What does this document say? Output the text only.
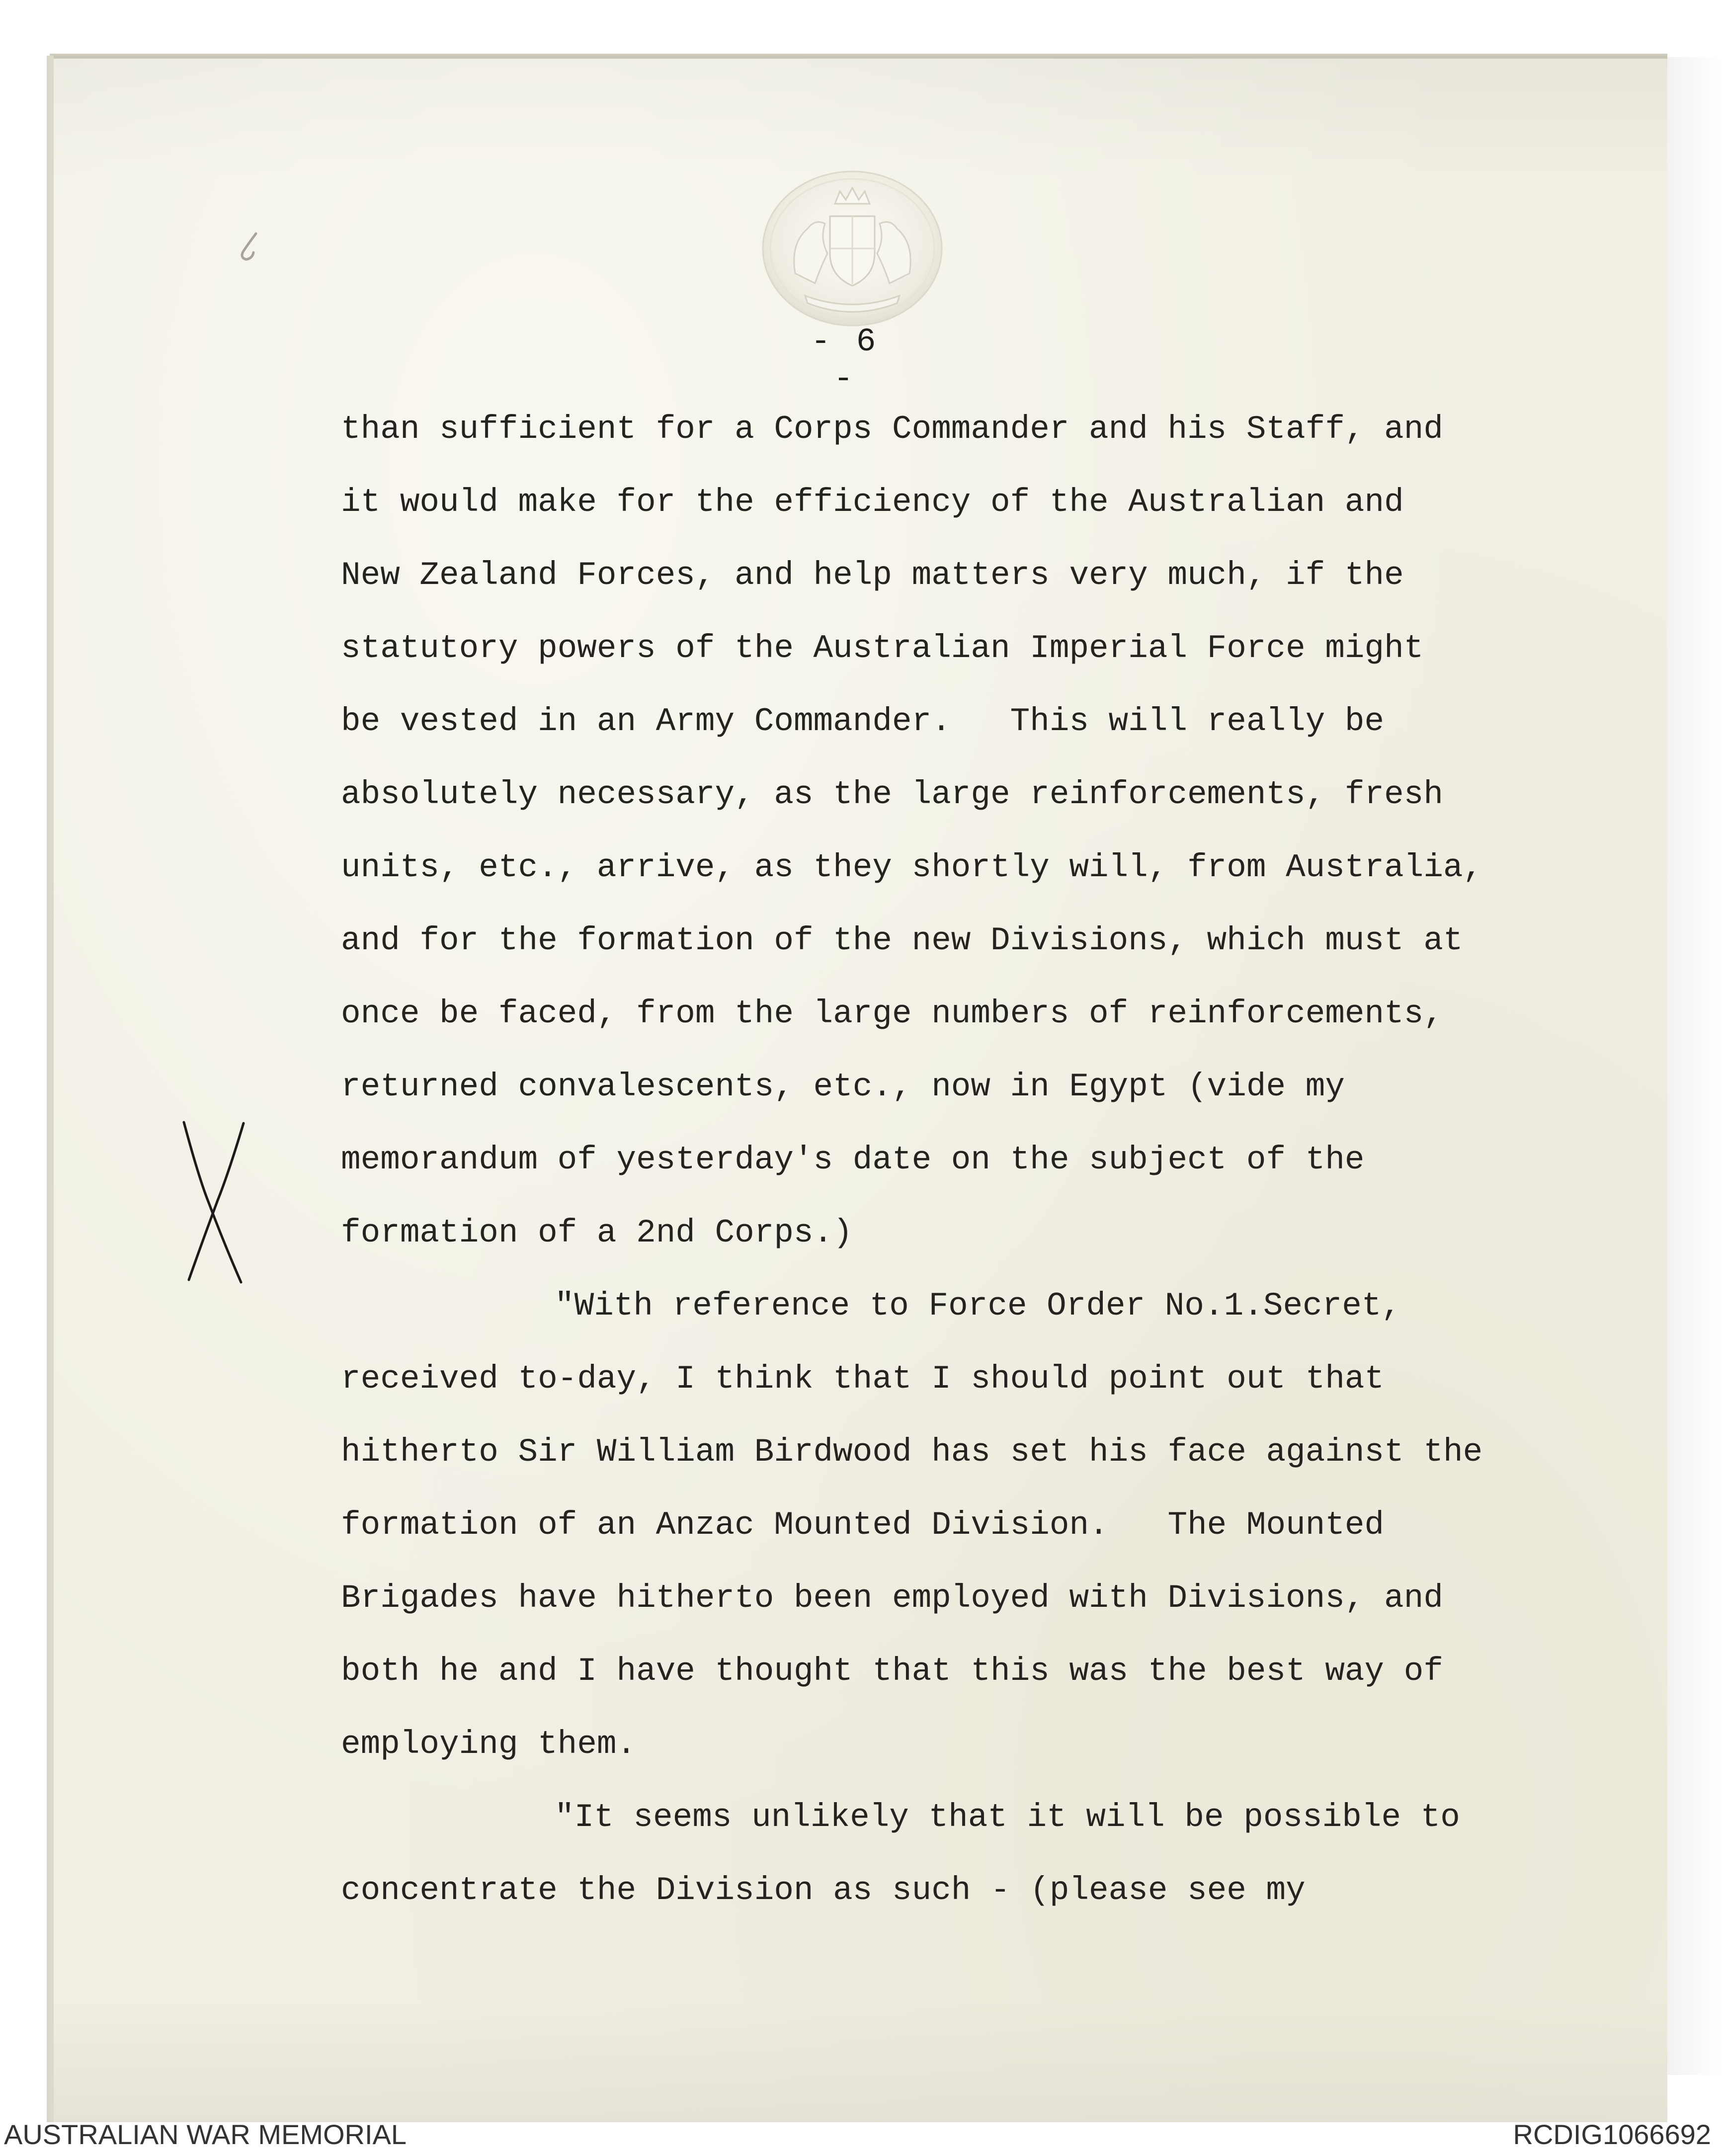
- 6 -
than sufficient for a Corps Commander and his Staff, and
it would make for the efficiency of the Australian and
New Zealand Forces, and help matters very much, if the
statutory powers of the Australian Imperial Force might
be vested in an Army Commander.   This will really be
absolutely necessary, as the large reinforcements, fresh
units, etc., arrive, as they shortly will, from Australia,
and for the formation of the new Divisions, which must at
once be faced, from the large numbers of reinforcements,
returned convalescents, etc., now in Egypt (vide my
memorandum of yesterday's date on the subject of the
formation of a 2nd Corps.)
"With reference to Force Order No.1.Secret,
received to-day, I think that I should point out that
hitherto Sir William Birdwood has set his face against the
formation of an Anzac Mounted Division.   The Mounted
Brigades have hitherto been employed with Divisions, and
both he and I have thought that this was the best way of
employing them.
"It seems unlikely that it will be possible to
concentrate the Division as such - (please see my
AUSTRALIAN WAR MEMORIAL	RCDIG1066692
